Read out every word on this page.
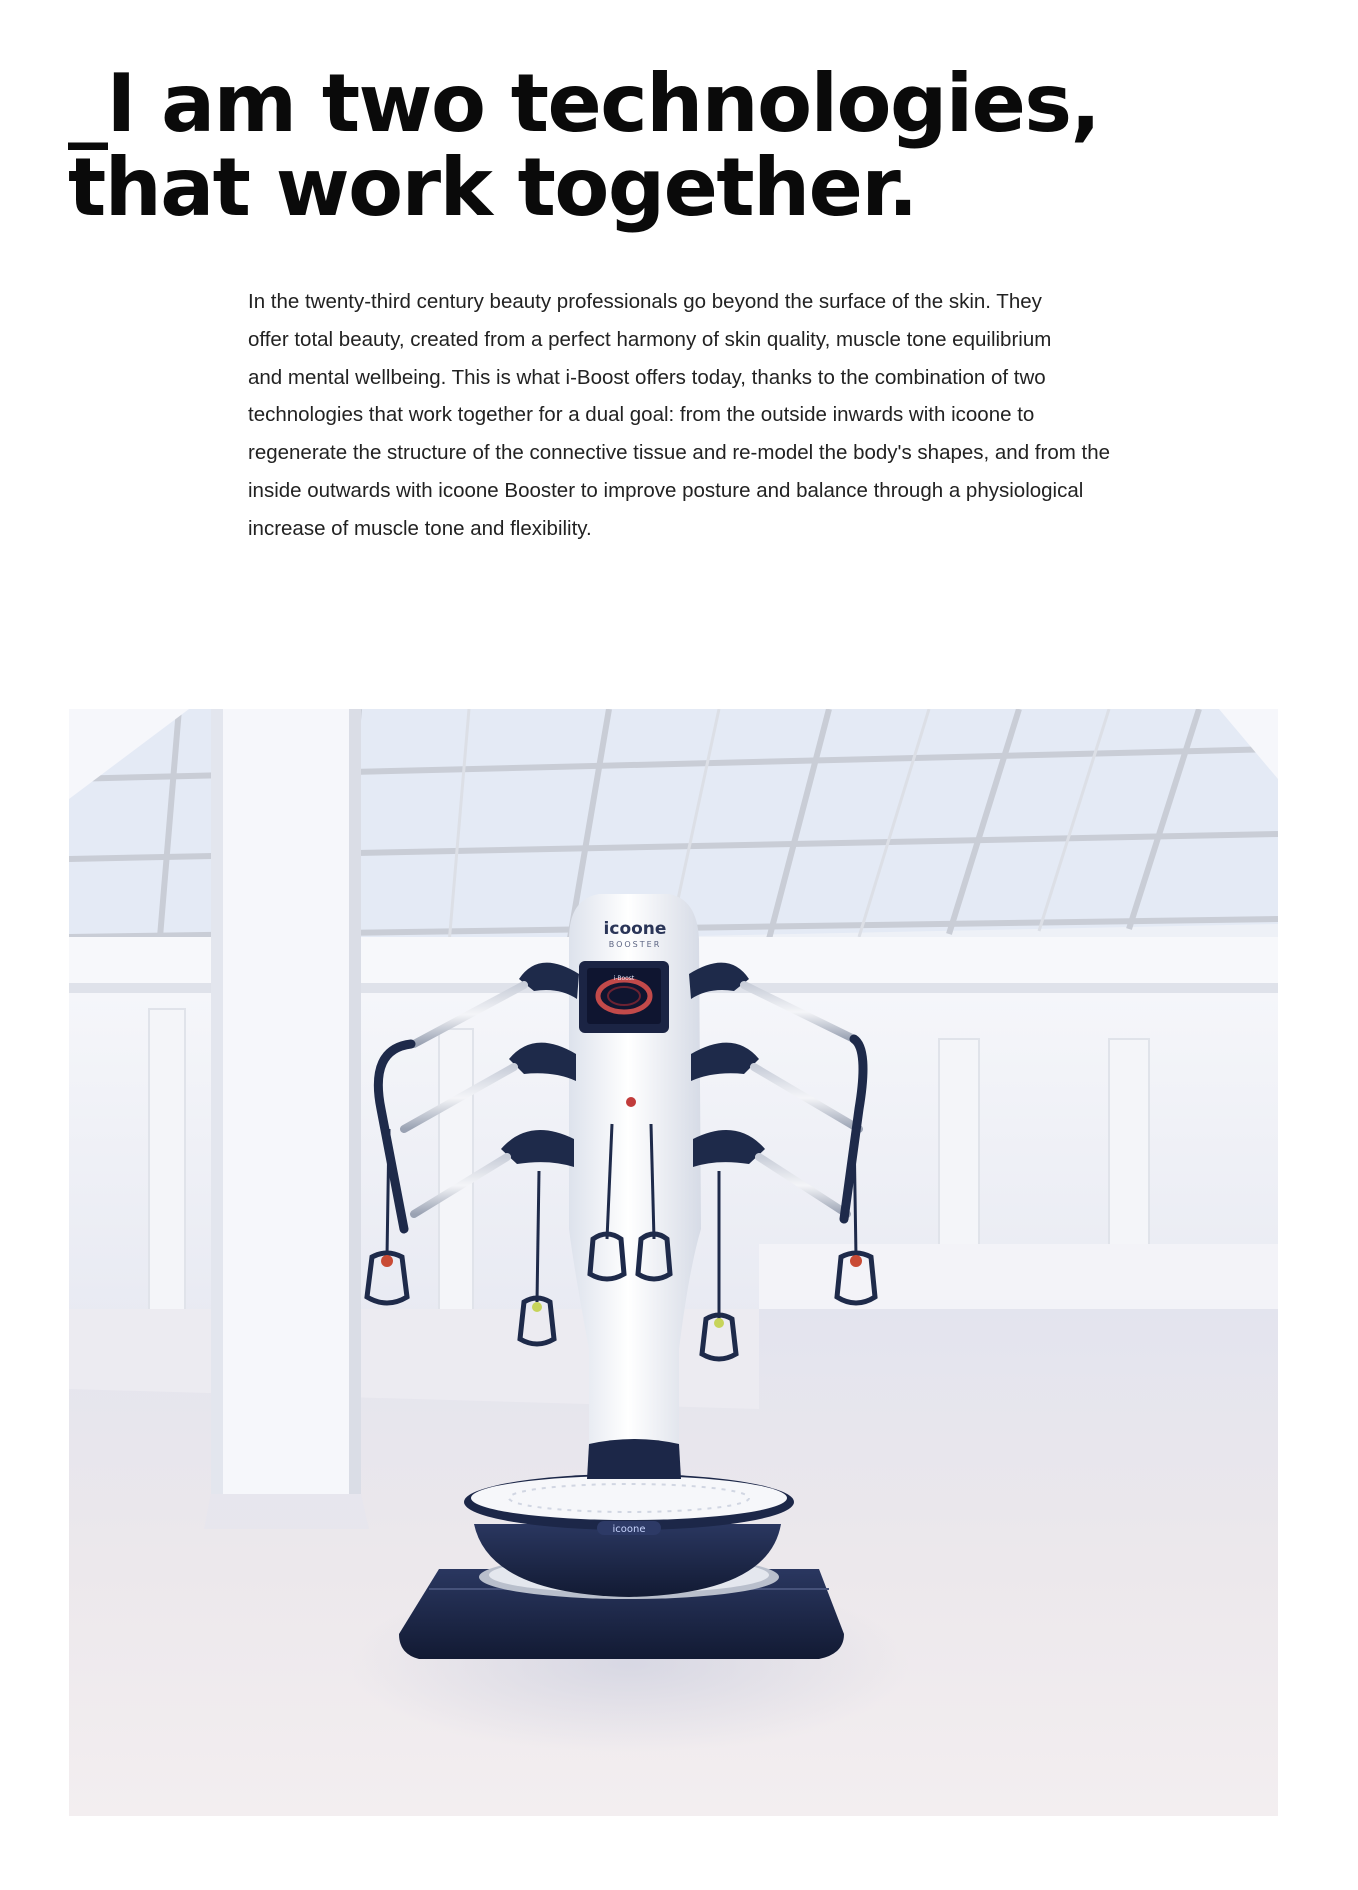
_I am two technologies,
that work together.

In the twenty-third century beauty professionals go beyond the surface of the skin. They
offer total beauty, created from a perfect harmony of skin quality, muscle tone equilibrium
and mental wellbeing. This is what i-Boost offers today, thanks to the combination of two
technologies that work together for a dual goal: from the outside inwards with icoone to
regenerate the structure of the connective tissue and re-model the body's shapes, and from the
inside outwards with icoone Booster to improve posture and balance through a physiological
increase of muscle tone and flexibility.

icoone
icoone
BOOSTER
i-Boost
